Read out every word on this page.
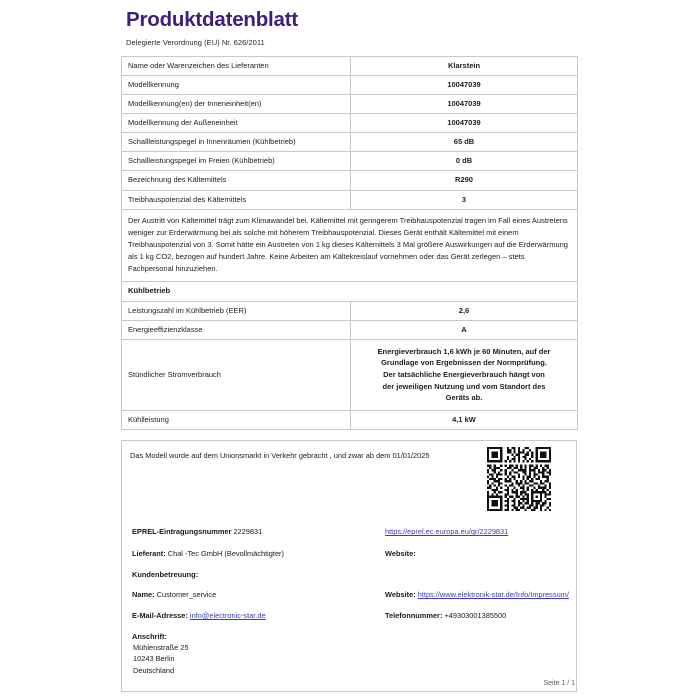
Produktdatenblatt
Delegierte Verordnung (EU) Nr. 626/2011
Name oder Warenzeichen des Lieferanten	Klarstein
Modellkennung	10047039
Modellkennung(en) der Inneneinheit(en)	10047039
Modellkennung der Außeneinheit	10047039
Schallleistungspegel in Innenräumen (Kühlbetrieb)	65 dB
Schallleistungspegel im Freien (Kühlbetrieb)	0 dB
Bezeichnung des Kältemittels	R290
Treibhauspotenzial des Kältemittels	3
Der Austritt von Kältemittel trägt zum Klimawandel bei. Kältemittel mit geringerem Treibhauspotenzial tragen im Fall eines Austretens weniger zur Erderwärmung bei als solche mit höherem Treibhauspotenzial. Dieses Gerät enthält Kältemittel mit einem Treibhauspotenzial von 3. Somit hätte ein Austreten von 1 kg dieses Kältemittels 3 Mal größere Auswirkungen auf die Erderwärmung als 1 kg CO2, bezogen auf hundert Jahre. Keine Arbeiten am Kältekreislauf vornehmen oder das Gerät zerlegen – stets Fachpersonal hinzuziehen.	
Kühlbetrieb	
Leistungszahl im Kühlbetrieb (EER)	2,6
Energieeffizienzklasse	A
Stündlicher Stromverbrauch	Energieverbrauch 1,6 kWh je 60 Minuten, auf der Grundlage von Ergebnissen der Normprüfung. Der tatsächliche Energieverbrauch hängt von der jeweiligen Nutzung und vom Standort des Geräts ab.
Kühlleistung	4,1 kW
Das Modell wurde auf dem Unionsmarkt in Verkehr gebracht , und zwar ab dem 01/01/2025
EPREL-Eintragungsnummer 2229831	https://eprel.ec.europa.eu/qr/2229831
Lieferant: Chal -Tec GmbH (Bevollmächtigter)	Website:
Kundenbetreuung:
Name: Customer_service	Website: https://www.elektronik-star.de/Info/Impressum/
E-Mail-Adresse: info@electronic-star.de	Telefonnummer: +49303001385500
Anschrift:
Mühlenstraße 25
10243 Berlin
Deutschland
Seite 1 / 1
